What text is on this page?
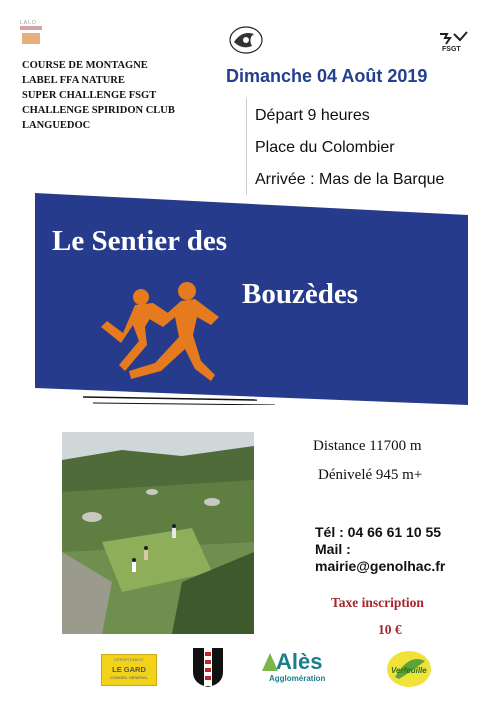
LALO
FSGT
COURSE DE MONTAGNE
LABEL FFA NATURE
SUPER CHALLENGE FSGT
CHALLENGE SPIRIDON CLUB
LANGUEDOC
Dimanche 04 Août 2019
Départ 9 heures
Place du Colombier
Arrivée : Mas de la Barque
Le Sentier des
Bouzèdes
Distance 11700 m
Dénivelé 945 m+
Tél : 04 66 61 10 55
Mail :
mairie@genolhac.fr
Taxe inscription
10 €
DÉPARTEMENT
LE GARD
CONSEIL GÉNÉRAL
Alès
Agglomération
Verfeuille
